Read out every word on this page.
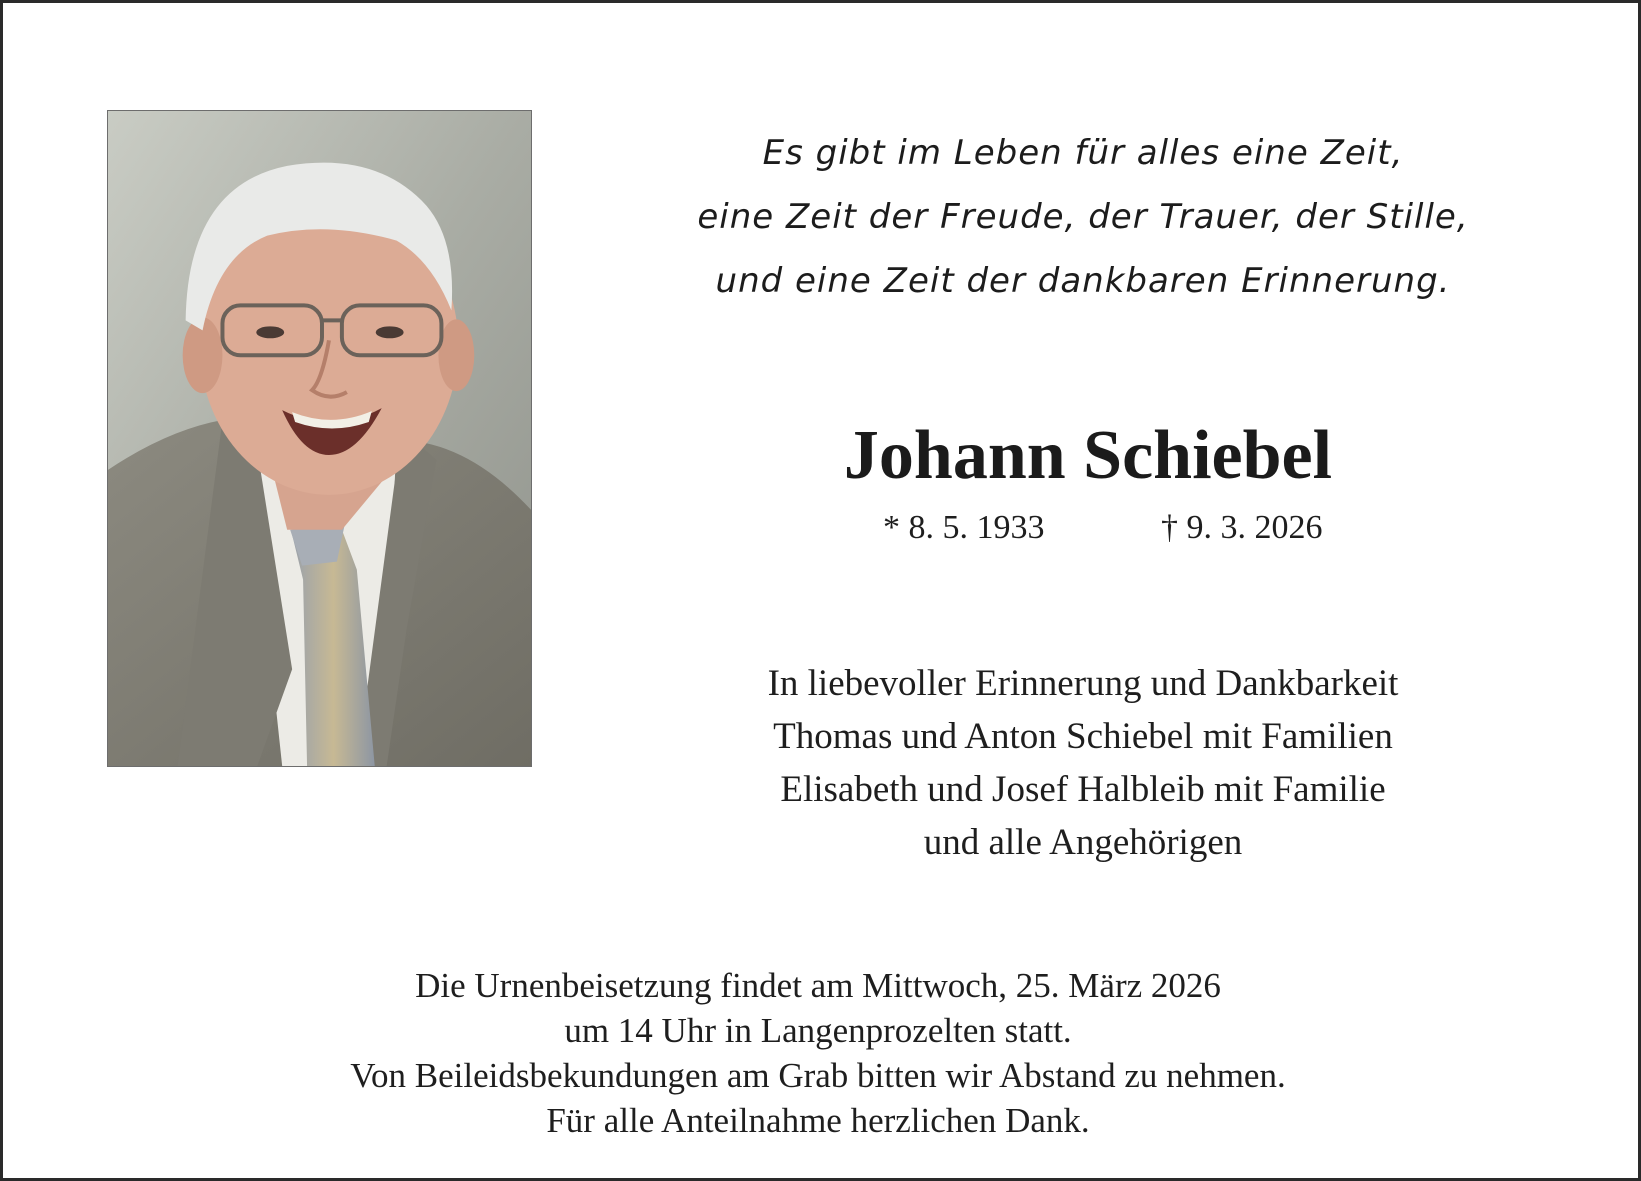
Es gibt im Leben für alles eine Zeit,
eine Zeit der Freude, der Trauer, der Stille,
und eine Zeit der dankbaren Erinnerung.
Johann Schiebel
* 8. 5. 1933	† 9. 3. 2026
In liebevoller Erinnerung und Dankbarkeit
Thomas und Anton Schiebel mit Familien
Elisabeth und Josef Halbleib mit Familie
und alle Angehörigen
Die Urnenbeisetzung findet am Mittwoch, 25. März 2026
um 14 Uhr in Langenprozelten statt.
Von Beileidsbekundungen am Grab bitten wir Abstand zu nehmen.
Für alle Anteilnahme herzlichen Dank.
